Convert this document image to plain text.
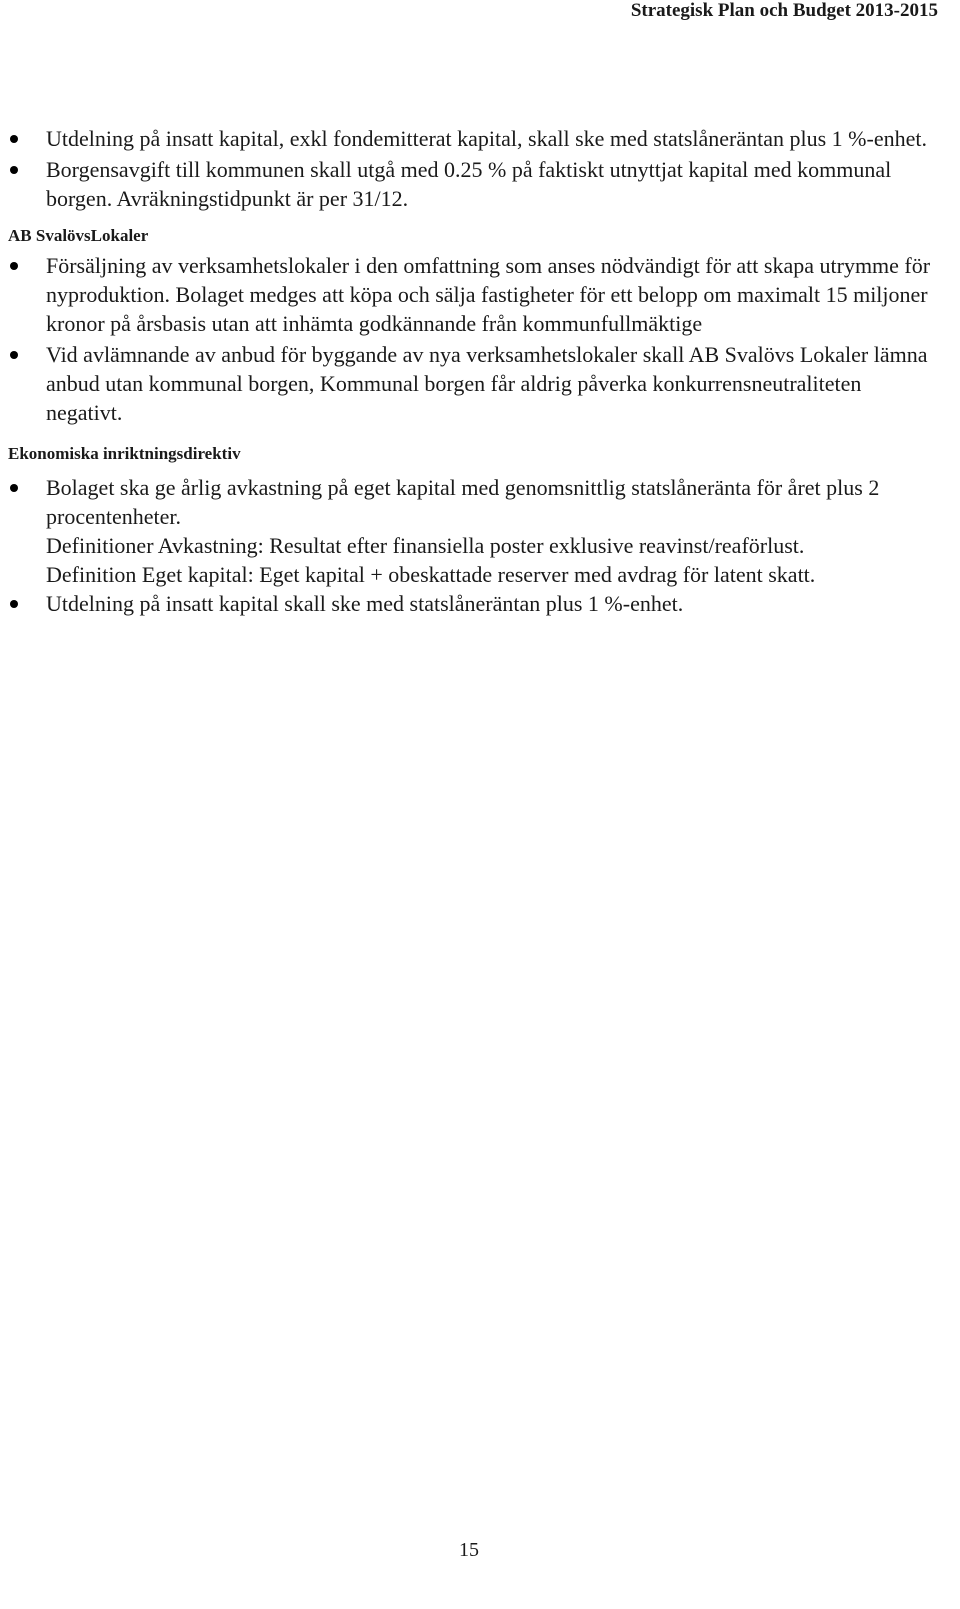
Strategisk Plan och Budget 2013-2015
Utdelning på insatt kapital, exkl fondemitterat kapital, skall ske med statslåneräntan plus 1 %-enhet.
Borgensavgift till kommunen skall utgå med 0.25 % på faktiskt utnyttjat kapital med kommunal borgen. Avräkningstidpunkt är per 31/12.
AB SvalövsLokaler
Försäljning av verksamhetslokaler i den omfattning som anses nödvändigt för att skapa utrymme för nyproduktion. Bolaget medges att köpa och sälja fastigheter för ett belopp om maximalt 15 miljoner kronor på årsbasis utan att inhämta godkännande från kommunfullmäktige
Vid avlämnande av anbud för byggande av nya verksamhetslokaler skall AB Svalövs Lokaler lämna anbud utan kommunal borgen, Kommunal borgen får aldrig påverka konkurrensneutraliteten negativt.
Ekonomiska inriktningsdirektiv
Bolaget ska ge årlig avkastning på eget kapital med genomsnittlig statslåneränta för året plus 2 procentenheter.
Definitioner Avkastning: Resultat efter finansiella poster exklusive reavinst/reaförlust.
Definition Eget kapital: Eget kapital + obeskattade reserver med avdrag för latent skatt.
Utdelning på insatt kapital skall ske med statslåneräntan plus 1 %-enhet.
15
